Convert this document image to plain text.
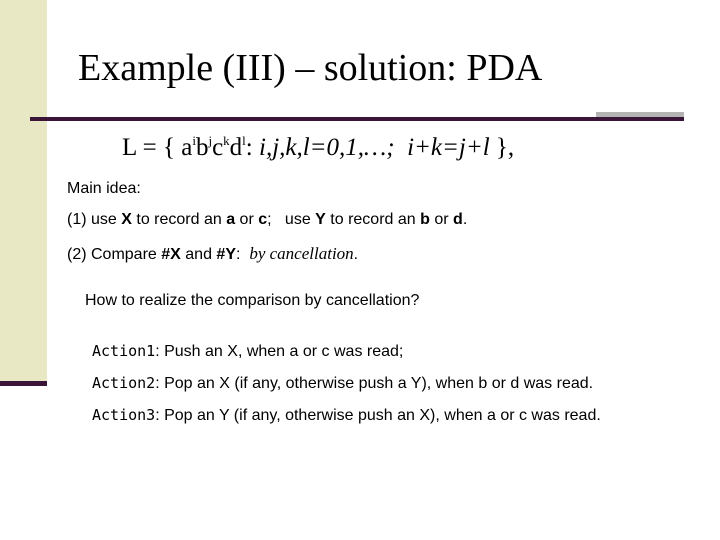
Example (III) – solution: PDA
L = { $a^ib^jc^kd^l$: i,j,k,l=0,1,…; i+k=j+l },
Main idea:
(1) use X to record an a or c;   use Y to record an b or d.
(2) Compare #X and #Y:  by cancellation.
How to realize the comparison by cancellation?
Action1: Push an X, when a or c was read;
Action2: Pop an X (if any, otherwise push a Y), when b or d was read.
Action3: Pop an Y (if any, otherwise push an X), when a or c was read.
